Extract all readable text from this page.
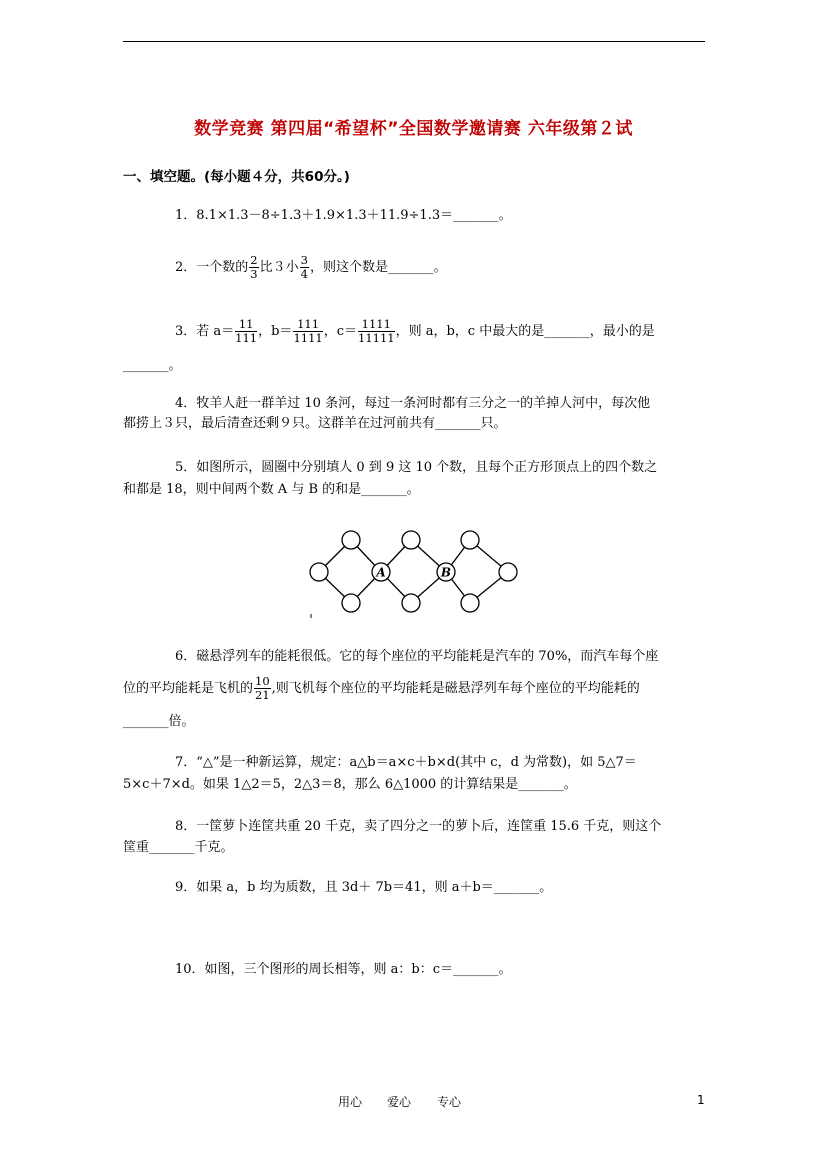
数学竞赛 第四届“希望杯”全国数学邀请赛 六年级第２试
一、填空题。(每小题４分，共60分。)
1．8.1×1.3－8÷1.3＋1.9×1.3＋11.9÷1.3＝_______。
2．一个数的 $\frac{2}{3}$ 比３小 $\frac{3}{4}$ ，则这个数是_______。
3．若 $a= \frac{11}{111}$ ，$b= \frac{111}{1111}$ ，$c= \frac{1111}{11111}$ ，则 a，b，c 中最大的是_______，最小的是
_______。
4．牧羊人赶一群羊过 10 条河，每过一条河时都有三分之一的羊掉人河中，每次他
都捞上３只，最后清查还剩９只。这群羊在过河前共有_______只。
5．如图所示，圆圈中分别填人 0 到 9 这 10 个数，且每个正方形顶点上的四个数之
和都是 18，则中间两个数 A 与 B 的和是_______。
A	B
6．磁悬浮列车的能耗很低。它的每个座位的平均能耗是汽车的 70%，而汽车每个座
位的平均能耗是飞机的 $\frac{10}{21}$ ,则飞机每个座位的平均能耗是磁悬浮列车每个座位的平均能耗的
_______倍。
7．“△”是一种新运算，规定：a△b＝a×c＋b×d(其中 c，d 为常数)，如 5△7＝
5×c＋7×d。如果 1△2＝5，2△3＝8，那么 6△1000 的计算结果是_______。
8．一筐萝卜连筐共重 20 千克，卖了四分之一的萝卜后，连筐重 15.6 千克，则这个
筐重_______千克。
9．如果 a，b 均为质数，且 3d＋ 7b＝41，则 a＋b＝_______。
10．如图，三个图形的周长相等，则 a：b：c＝_______。
用心 爱心 专心	1
